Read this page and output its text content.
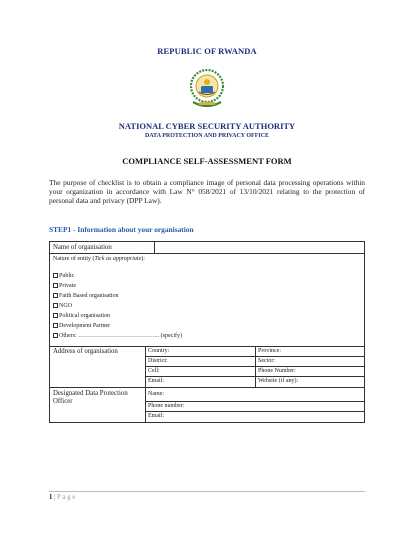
REPUBLIC OF RWANDA
NATIONAL CYBER SECURITY AUTHORITY
DATA PROTECTION AND PRIVACY OFFICE
COMPLIANCE SELF-ASSESSMENT FORM
The purpose of checklist is to obtain a compliance image of personal data processing operations within your organization in accordance with Law N° 058/2021 of 13/10/2021 relating to the protection of personal data and privacy (DPP Law).
STEP1 - Information about your organisation
Name of organisation
Nature of entity (Tick as appropriate):
Public
Private
Faith Based organisation
NGO
Political organisation
Development Partner
Others: ………………………………….. (specify)
Address of organisation	Country:	Province:
District:	Sector:
Cell:	Phone Number:
Email:	Website (if any):
Designated Data Protection Officer
Name:
Phone number:
Email:
1 | P a g e
